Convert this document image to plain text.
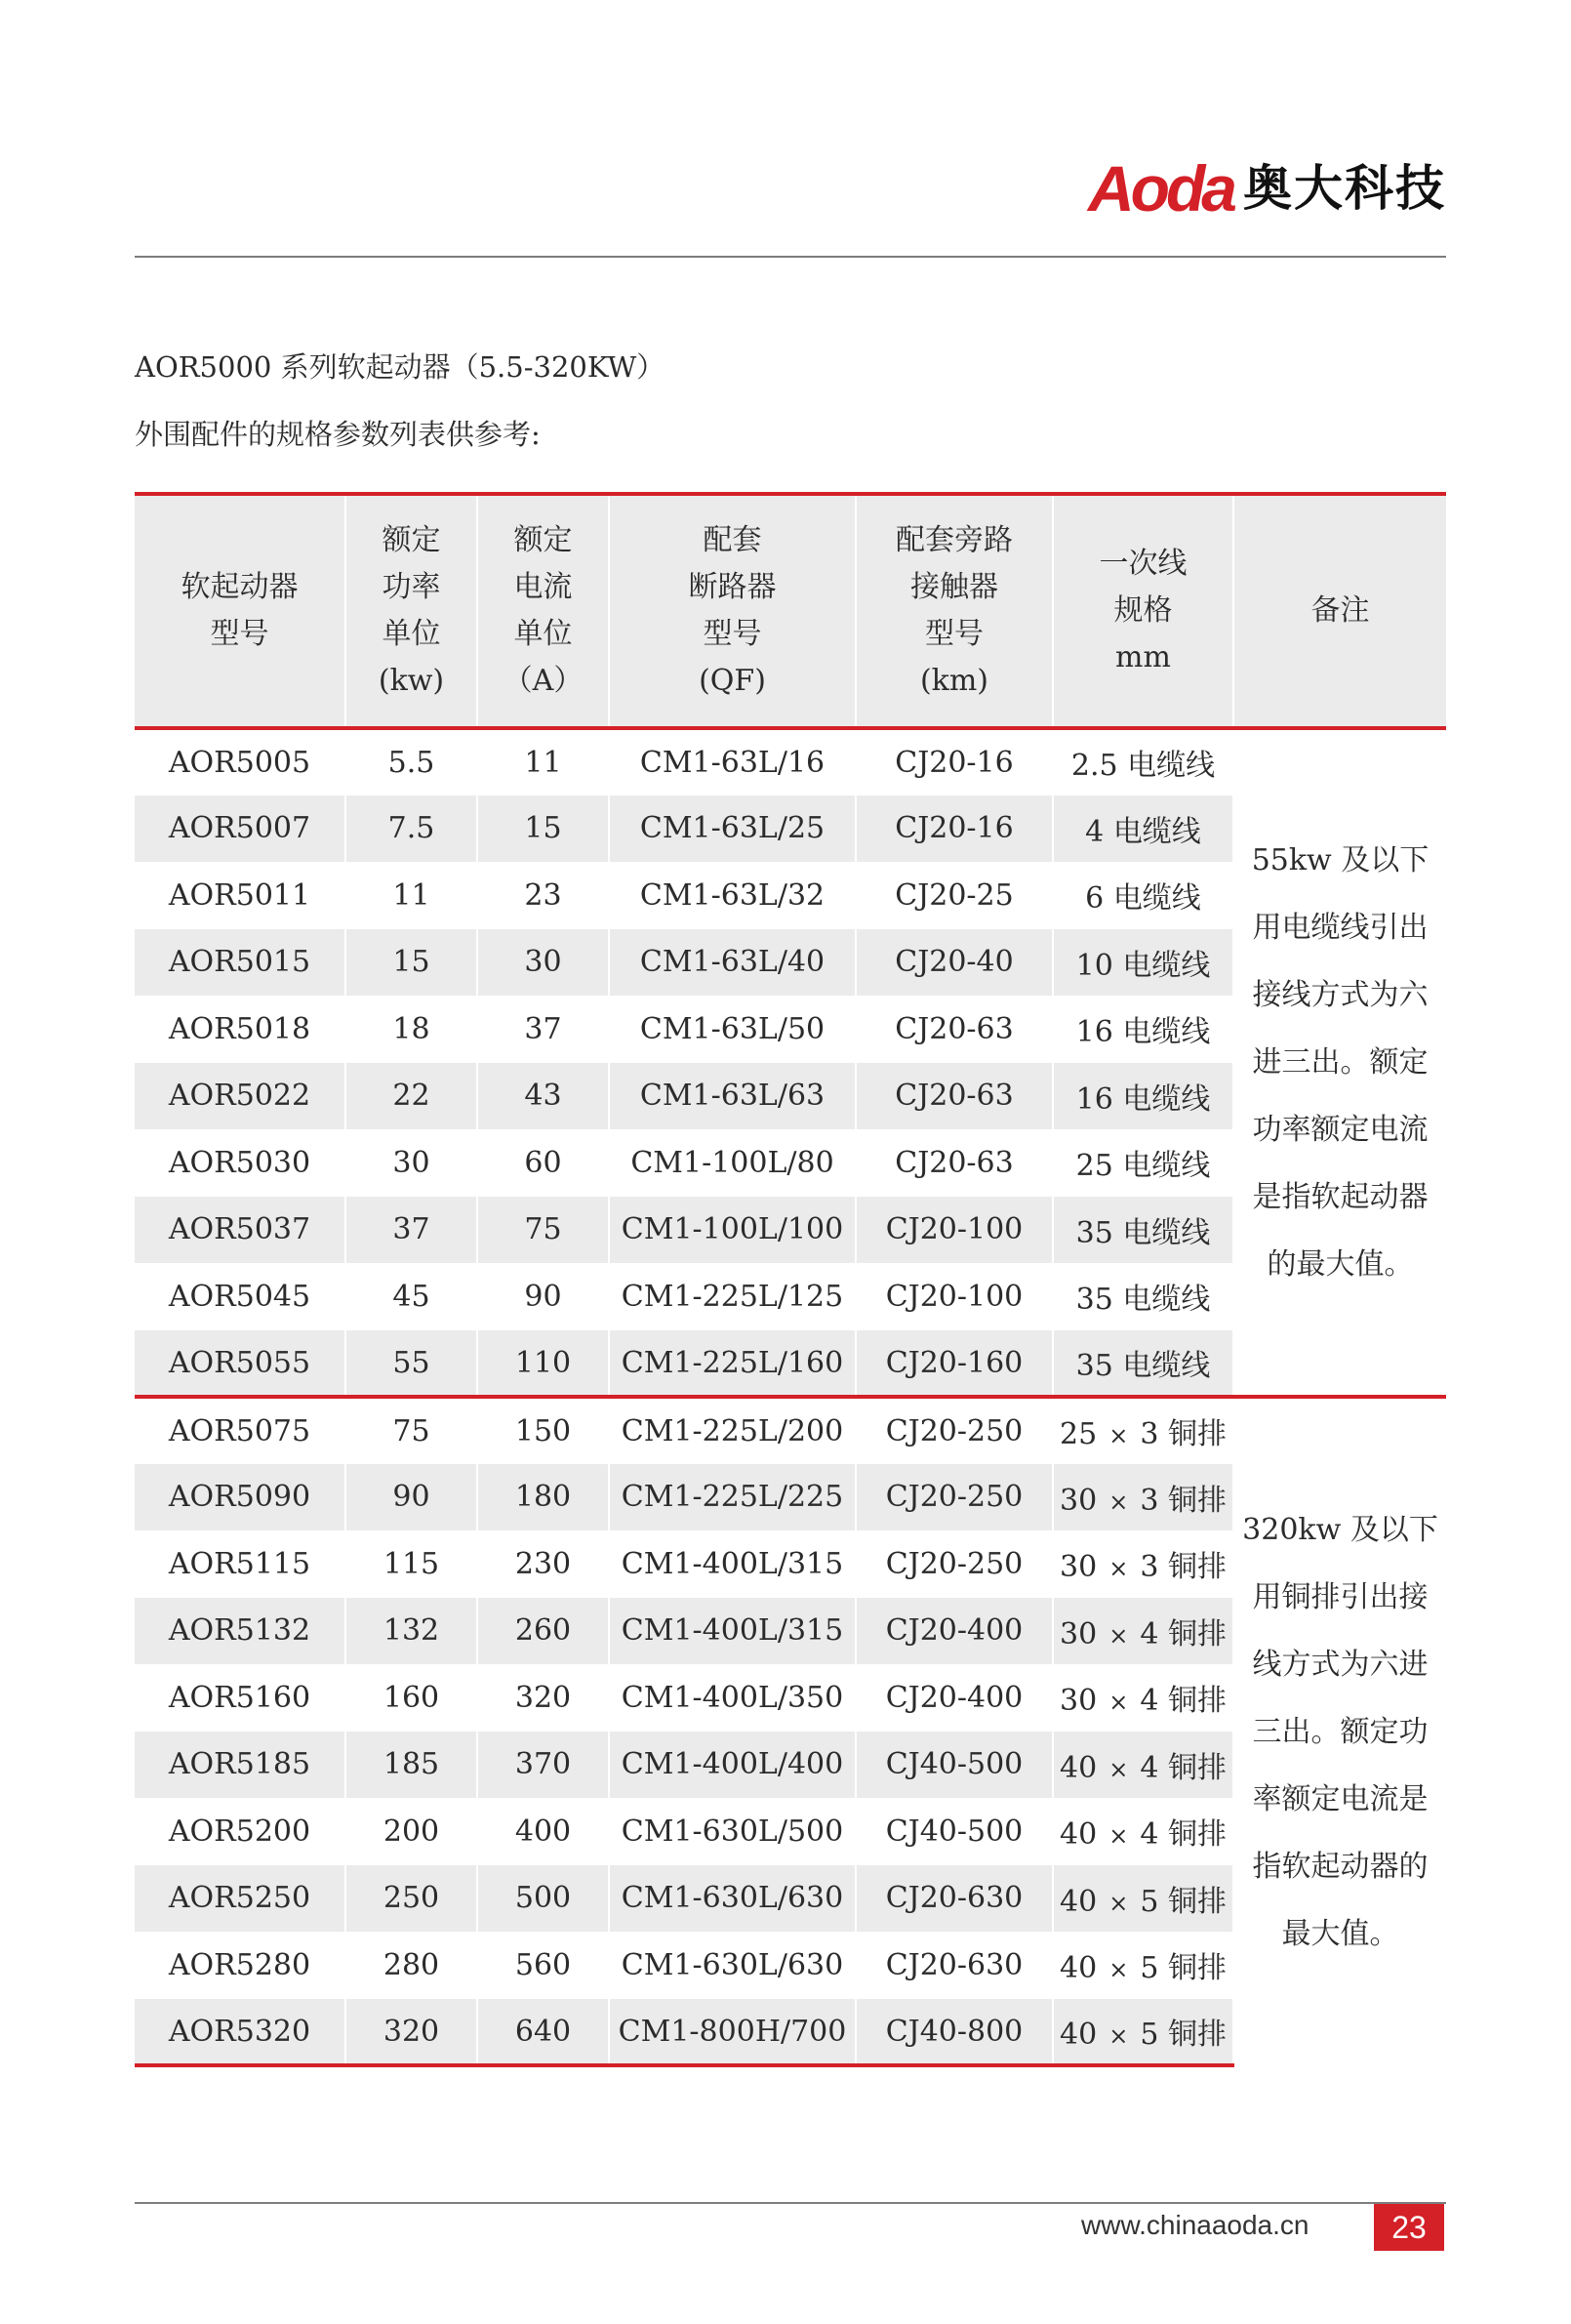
Aoda 奥大科技
AOR5000 系列软起动器（5.5-320KW）
外围配件的规格参数列表供参考:
软起动器
型号	额定
功率
单位
(kw)	额定
电流
单位
（A）	配套
断路器
型号
(QF)	配套旁路
接触器
型号
(km)	一次线
规格
mm	备注
AOR5005	5.5	11	CM1-63L/16	CJ20-16	2.5 电缆线	55kw 及以下用电缆线引出接线方式为六进三出。额定功率额定电流是指软起动器的最大值。
AOR5007	7.5	15	CM1-63L/25	CJ20-16	4 电缆线	
AOR5011	11	23	CM1-63L/32	CJ20-25	6 电缆线	
AOR5015	15	30	CM1-63L/40	CJ20-40	10 电缆线	
AOR5018	18	37	CM1-63L/50	CJ20-63	16 电缆线	
AOR5022	22	43	CM1-63L/63	CJ20-63	16 电缆线	
AOR5030	30	60	CM1-100L/80	CJ20-63	25 电缆线	
AOR5037	37	75	CM1-100L/100	CJ20-100	35 电缆线	
AOR5045	45	90	CM1-225L/125	CJ20-100	35 电缆线	
AOR5055	55	110	CM1-225L/160	CJ20-160	35 电缆线	
AOR5075	75	150	CM1-225L/200	CJ20-250	25 × 3 铜排	320kw 及以下用铜排引出接线方式为六进三出。额定功率额定电流是指软起动器的最大值。
AOR5090	90	180	CM1-225L/225	CJ20-250	30 × 3 铜排	
AOR5115	115	230	CM1-400L/315	CJ20-250	30 × 3 铜排	
AOR5132	132	260	CM1-400L/315	CJ20-400	30 × 4 铜排	
AOR5160	160	320	CM1-400L/350	CJ20-400	30 × 4 铜排	
AOR5185	185	370	CM1-400L/400	CJ40-500	40 × 4 铜排	
AOR5200	200	400	CM1-630L/500	CJ40-500	40 × 4 铜排	
AOR5250	250	500	CM1-630L/630	CJ20-630	40 × 5 铜排	
AOR5280	280	560	CM1-630L/630	CJ20-630	40 × 5 铜排	
AOR5320	320	640	CM1-800H/700	CJ40-800	40 × 5 铜排	
www.chinaaoda.cn	23
